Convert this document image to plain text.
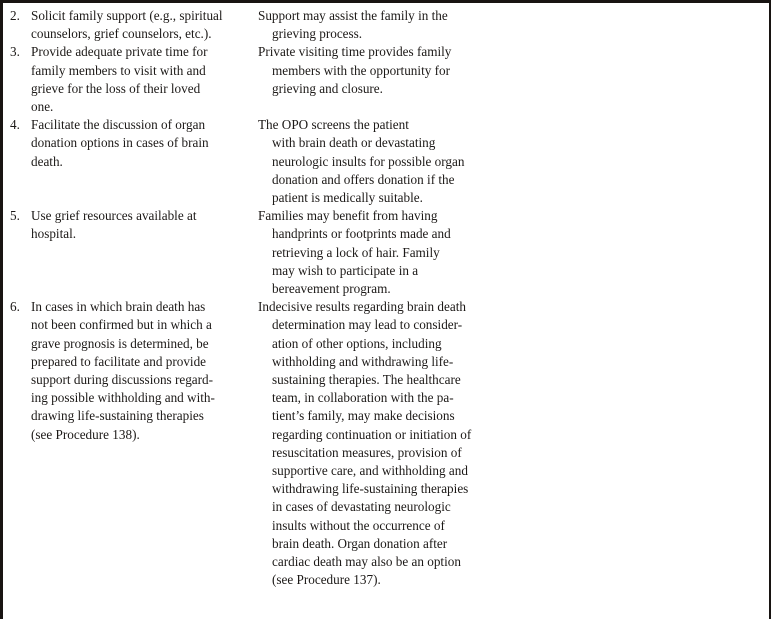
2. Solicit family support (e.g., spiritual
counselors, grief counselors, etc.).
Support may assist the family in the
grieving process.
3. Provide adequate private time for
family members to visit with and
grieve for the loss of their loved
one.
Private visiting time provides family
members with the opportunity for
grieving and closure.
4. Facilitate the discussion of organ
donation options in cases of brain
death.
The OPO screens the patient
with brain death or devastating
neurologic insults for possible organ
donation and offers donation if the
patient is medically suitable.
5. Use grief resources available at
hospital.
Families may benefit from having
handprints or footprints made and
retrieving a lock of hair. Family
may wish to participate in a
bereavement program.
6. In cases in which brain death has
not been confirmed but in which a
grave prognosis is determined, be
prepared to facilitate and provide
support during discussions regard-
ing possible withholding and with-
drawing life-sustaining therapies
(see Procedure 138).
Indecisive results regarding brain death
determination may lead to consider-
ation of other options, including
withholding and withdrawing life-
sustaining therapies. The healthcare
team, in collaboration with the pa-
tient’s family, may make decisions
regarding continuation or initiation of
resuscitation measures, provision of
supportive care, and withholding and
withdrawing life-sustaining therapies
in cases of devastating neurologic
insults without the occurrence of
brain death. Organ donation after
cardiac death may also be an option
(see Procedure 137).
